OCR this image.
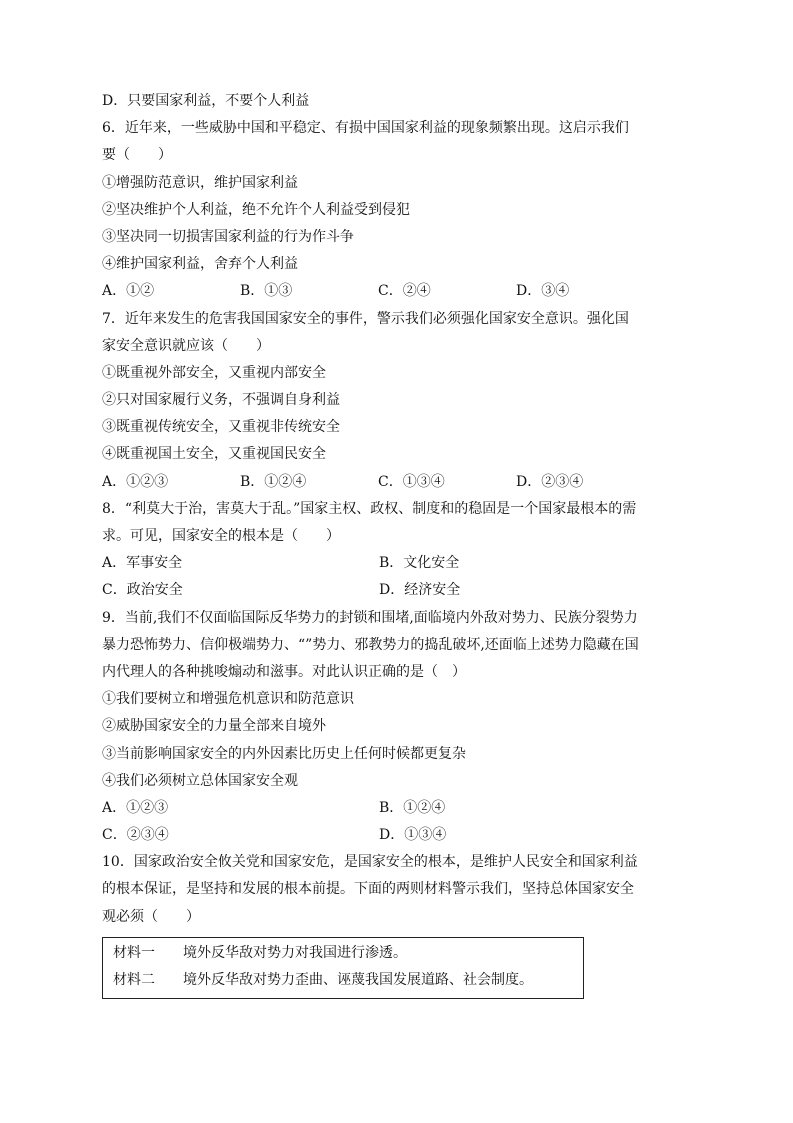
D．只要国家利益，不要个人利益
6．近年来，一些威胁中国和平稳定、有损中国国家利益的现象频繁出现。这启示我们
要（　　）
①增强防范意识，维护国家利益
②坚决维护个人利益，绝不允许个人利益受到侵犯
③坚决同一切损害国家利益的行为作斗争
④维护国家利益，舍弃个人利益
A．①②	B．①③	C．②④	D．③④
7．近年来发生的危害我国国家安全的事件，警示我们必须强化国家安全意识。强化国
家安全意识就应该（　　）
①既重视外部安全，又重视内部安全
②只对国家履行义务，不强调自身利益
③既重视传统安全，又重视非传统安全
④既重视国土安全，又重视国民安全
A．①②③	B．①②④	C．①③④	D．②③④
8．“利莫大于治，害莫大于乱。”国家主权、政权、制度和的稳固是一个国家最根本的需
求。可见，国家安全的根本是（　　）
A．军事安全	B．文化安全
C．政治安全	D．经济安全
9．当前,我们不仅面临国际反华势力的封锁和围堵,面临境内外敌对势力、民族分裂势力
暴力恐怖势力、信仰极端势力、“”势力、邪教势力的捣乱破坏,还面临上述势力隐藏在国
内代理人的各种挑唆煽动和滋事。对此认识正确的是（　）
①我们要树立和增强危机意识和防范意识
②威胁国家安全的力量全部来自境外
③当前影响国家安全的内外因素比历史上任何时候都更复杂
④我们必须树立总体国家安全观
A．①②③	B．①②④
C．②③④	D．①③④
10．国家政治安全攸关党和国家安危，是国家安全的根本，是维护人民安全和国家利益
的根本保证，是坚持和发展的根本前提。下面的两则材料警示我们，坚持总体国家安全
观必须（　　）
材料一	境外反华敌对势力对我国进行渗透。
材料二	境外反华敌对势力歪曲、诬蔑我国发展道路、社会制度。
